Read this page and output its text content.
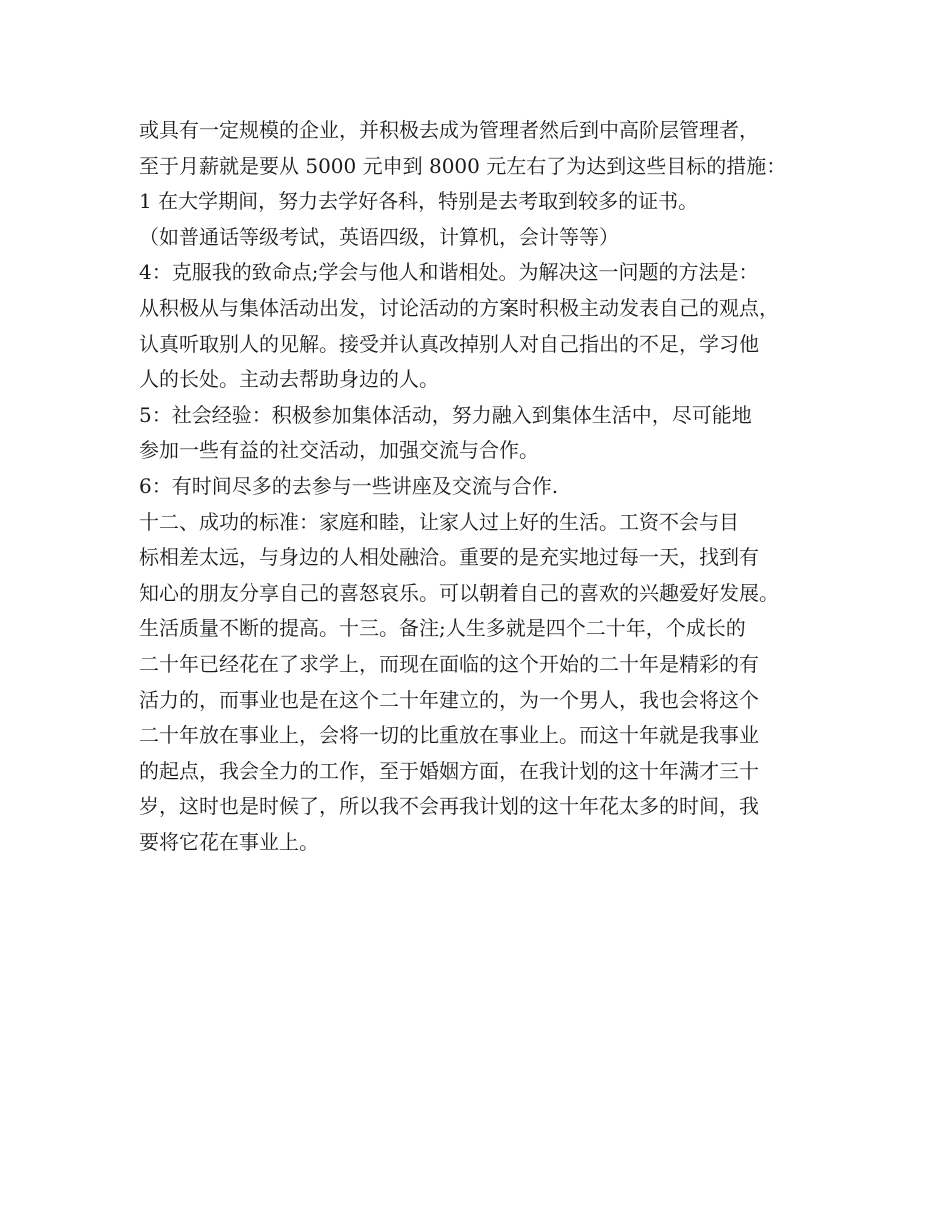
或具有一定规模的企业，并积极去成为管理者然后到中高阶层管理者，
至于月薪就是要从 5000 元申到 8000 元左右了为达到这些目标的措施：
1 在大学期间，努力去学好各科，特别是去考取到较多的证书。
（如普通话等级考试，英语四级，计算机，会计等等）
4：克服我的致命点;学会与他人和谐相处。为解决这一问题的方法是：
从积极从与集体活动出发，讨论活动的方案时积极主动发表自己的观点，
认真听取别人的见解。接受并认真改掉别人对自己指出的不足，学习他
人的长处。主动去帮助身边的人。
5：社会经验：积极参加集体活动，努力融入到集体生活中，尽可能地
参加一些有益的社交活动，加强交流与合作。
6：有时间尽多的去参与一些讲座及交流与合作.
十二、成功的标准：家庭和睦，让家人过上好的生活。工资不会与目
标相差太远，与身边的人相处融洽。重要的是充实地过每一天，找到有
知心的朋友分享自己的喜怒哀乐。可以朝着自己的喜欢的兴趣爱好发展。
生活质量不断的提高。十三。备注;人生多就是四个二十年，个成长的
二十年已经花在了求学上，而现在面临的这个开始的二十年是精彩的有
活力的，而事业也是在这个二十年建立的，为一个男人，我也会将这个
二十年放在事业上，会将一切的比重放在事业上。而这十年就是我事业
的起点，我会全力的工作，至于婚姻方面，在我计划的这十年满才三十
岁，这时也是时候了，所以我不会再我计划的这十年花太多的时间，我
要将它花在事业上。
